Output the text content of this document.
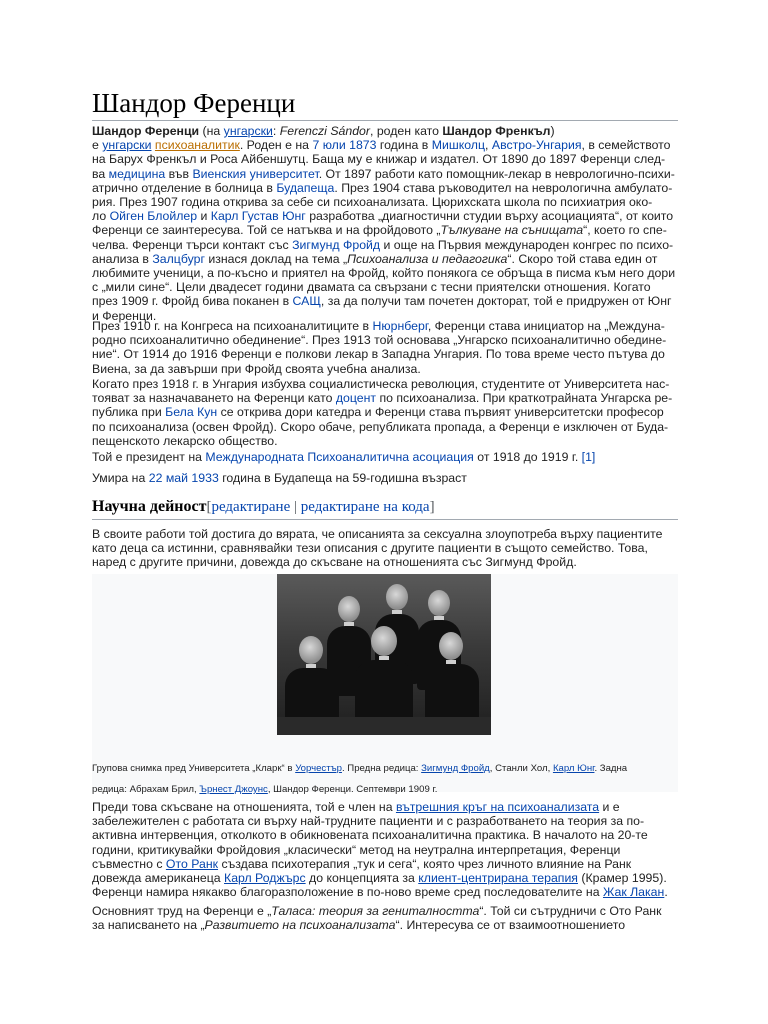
Шандор Ференци
Шандор Ференци (на унгарски: Ferenczi Sándor, роден като Шандор Френкъл)
е унгарски психоаналитик. Роден е на 7 юли 1873 година в Мишколц, Австро-Унгария, в семейството
на Барух Френкъл и Роса Айбеншутц. Баща му е книжар и издател. От 1890 до 1897 Ференци след-
ва медицина във Виенския университет. От 1897 работи като помощник-лекар в неврологично-психи-
атрично отделение в болница в Будапеща. През 1904 става ръководител на неврологична амбулато-
рия. През 1907 година открива за себе си психоанализата. Цюрихската школа по психиатрия око-
ло Ойген Блойлер и Карл Густав Юнг разработва „диагностични студии върху асоциацията“, от които
Ференци се заинтересува. Той се натъква и на фройдовото „Тълкуване на сънищата“, което го спе-
челва. Ференци търси контакт със Зигмунд Фройд и още на Първия международен конгрес по психо-
анализа в Залцбург изнася доклад на тема „Психоанализа и педагогика“. Скоро той става един от
любимите ученици, а по-късно и приятел на Фройд, който понякога се обръща в писма към него дори
с „мили сине“. Цели двадесет години двамата са свързани с тесни приятелски отношения. Когато
през 1909 г. Фройд бива поканен в САЩ, за да получи там почетен докторат, той е придружен от Юнг
и Ференци.
През 1910 г. на Конгреса на психоаналитиците в Нюрнберг, Ференци става инициатор на „Междуна-
родно психоаналитично обединение“. През 1913 той основава „Унгарско психоаналитично обедине-
ние“. От 1914 до 1916 Ференци е полкови лекар в Западна Унгария. По това време често пътува до
Виена, за да завърши при Фройд своята учебна анализа.
Когато през 1918 г. в Унгария избухва социалистическа революция, студентите от Университета нас-
тояват за назначаването на Ференци като доцент по психоанализа. При краткотрайната Унгарска ре-
публика при Бела Кун се открива дори катедра и Ференци става първият университетски професор
по психоанализа (освен Фройд). Скоро обаче, републиката пропада, а Ференци е изключен от Буда-
пещенското лекарско общество.
Той е президент на Международната Психоаналитична асоциация от 1918 до 1919 г. [1]
Умира на 22 май 1933 година в Будапеща на 59-годишна възраст
Научна дейност[редактиране | редактиране на кода]
В своите работи той достига до вярата, че описанията за сексуална злоупотреба върху пациентите
като деца са истинни, сравнявайки тези описания с другите пациенти в същото семейство. Това,
наред с другите причини, довежда до скъсване на отношенията със Зигмунд Фройд.
Групова снимка пред Университета „Кларк“ в Уорчестър. Предна редица: Зигмунд Фройд, Станли Хол, Карл Юнг. Задна
редица: Абрахам Брил, Ърнест Джоунс, Шандор Ференци. Септември 1909 г.
Преди това скъсване на отношенията, той е член на вътрешния кръг на психоанализата и е
забележителен с работата си върху най-трудните пациенти и с разработването на теория за по-
активна интервенция, отколкото в обикновената психоаналитична практика. В началото на 20-те
години, критикувайки Фройдовия „класически“ метод на неутрална интерпретация, Ференци
съвместно с Ото Ранк създава психотерапия „тук и сега“, която чрез личното влияние на Ранк
довежда американеца Карл Роджърс до концепцията за клиент-центрирана терапия (Крамер 1995).
Ференци намира някакво благоразположение в по-ново време сред последователите на Жак Лакан.
Основният труд на Ференци е „Таласа: теория за гениталността“. Той си сътрудничи с Ото Ранк
за написването на „Развитието на психоанализата“. Интересува се от взаимоотношението
